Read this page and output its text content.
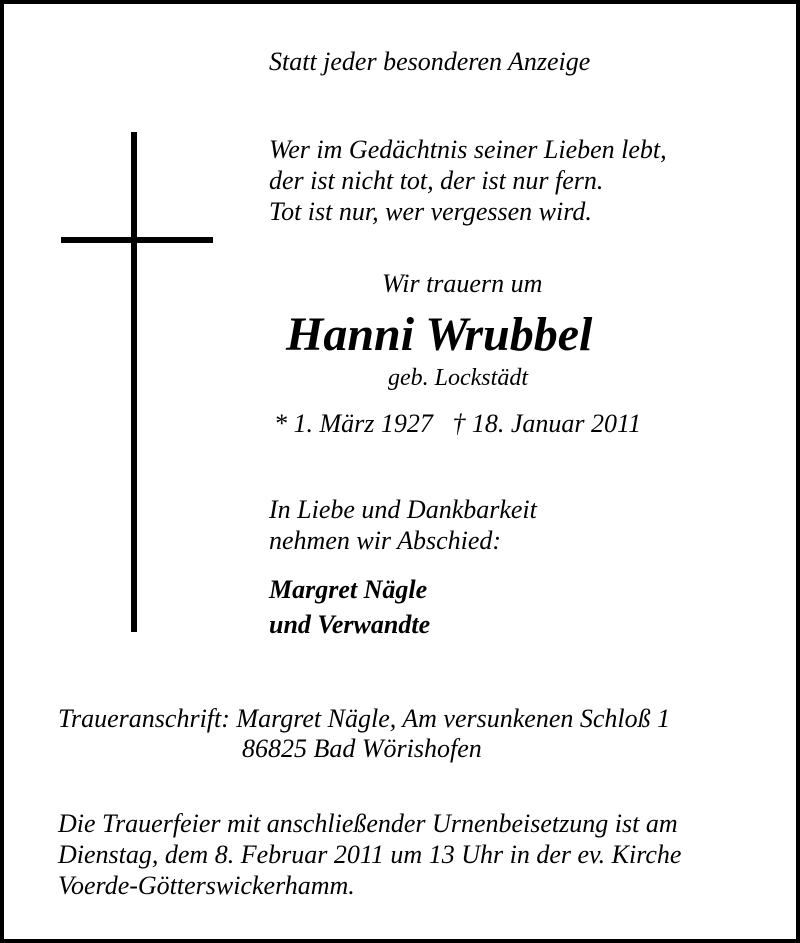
Statt jeder besonderen Anzeige
Wer im Gedächtnis seiner Lieben lebt,
der ist nicht tot, der ist nur fern.
Tot ist nur, wer vergessen wird.
Wir trauern um
Hanni Wrubbel
geb. Lockstädt
* 1. März 1927   † 18. Januar 2011
In Liebe und Dankbarkeit
nehmen wir Abschied:
Margret Nägle
und Verwandte
Traueranschrift: Margret Nägle, Am versunkenen Schloß 1
86825 Bad Wörishofen
Die Trauerfeier mit anschließender Urnenbeisetzung ist am
Dienstag, dem 8. Februar 2011 um 13 Uhr in der ev. Kirche
Voerde-Götterswickerhamm.
